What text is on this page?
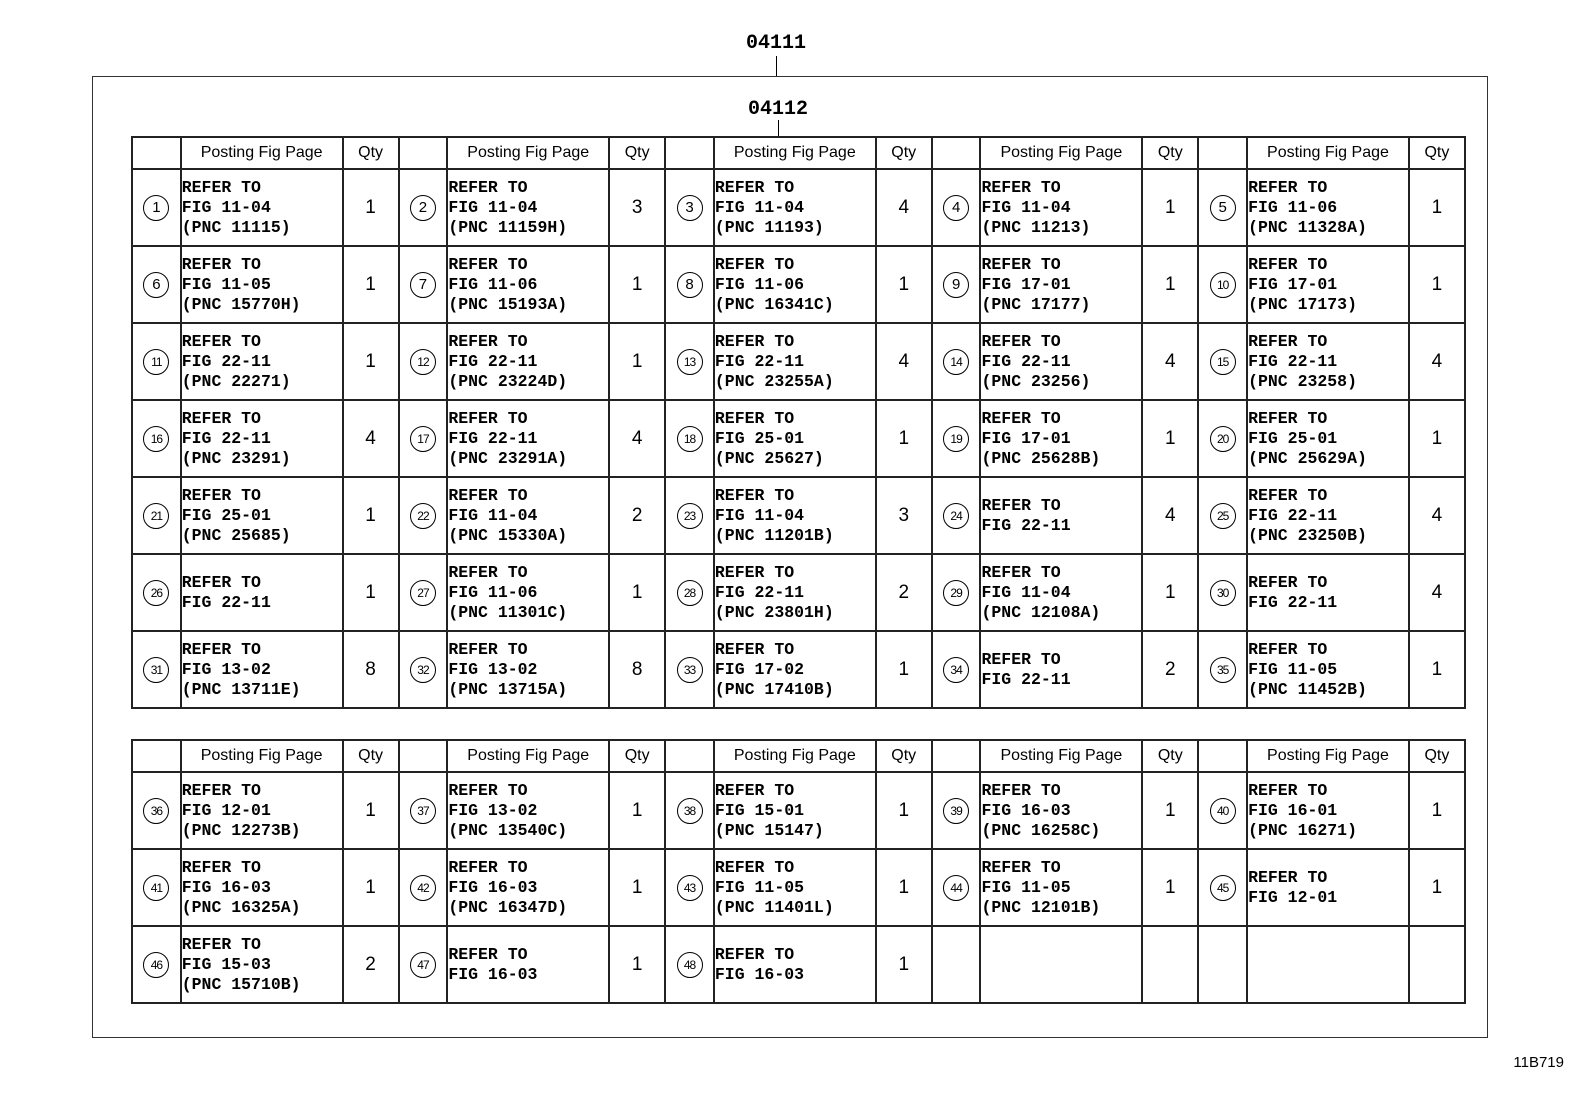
04111
04112
	Posting Fig Page	Qty		Posting Fig Page	Qty		Posting Fig Page	Qty		Posting Fig Page	Qty		Posting Fig Page	Qty
1	REFER TO
FIG 11-04
(PNC 11115)	1	2	REFER TO
FIG 11-04
(PNC 11159H)	3	3	REFER TO
FIG 11-04
(PNC 11193)	4	4	REFER TO
FIG 11-04
(PNC 11213)	1	5	REFER TO
FIG 11-06
(PNC 11328A)	1
6	REFER TO
FIG 11-05
(PNC 15770H)	1	7	REFER TO
FIG 11-06
(PNC 15193A)	1	8	REFER TO
FIG 11-06
(PNC 16341C)	1	9	REFER TO
FIG 17-01
(PNC 17177)	1	10	REFER TO
FIG 17-01
(PNC 17173)	1
11	REFER TO
FIG 22-11
(PNC 22271)	1	12	REFER TO
FIG 22-11
(PNC 23224D)	1	13	REFER TO
FIG 22-11
(PNC 23255A)	4	14	REFER TO
FIG 22-11
(PNC 23256)	4	15	REFER TO
FIG 22-11
(PNC 23258)	4
16	REFER TO
FIG 22-11
(PNC 23291)	4	17	REFER TO
FIG 22-11
(PNC 23291A)	4	18	REFER TO
FIG 25-01
(PNC 25627)	1	19	REFER TO
FIG 17-01
(PNC 25628B)	1	20	REFER TO
FIG 25-01
(PNC 25629A)	1
21	REFER TO
FIG 25-01
(PNC 25685)	1	22	REFER TO
FIG 11-04
(PNC 15330A)	2	23	REFER TO
FIG 11-04
(PNC 11201B)	3	24	REFER TO
FIG 22-11	4	25	REFER TO
FIG 22-11
(PNC 23250B)	4
26	REFER TO
FIG 22-11	1	27	REFER TO
FIG 11-06
(PNC 11301C)	1	28	REFER TO
FIG 22-11
(PNC 23801H)	2	29	REFER TO
FIG 11-04
(PNC 12108A)	1	30	REFER TO
FIG 22-11	4
31	REFER TO
FIG 13-02
(PNC 13711E)	8	32	REFER TO
FIG 13-02
(PNC 13715A)	8	33	REFER TO
FIG 17-02
(PNC 17410B)	1	34	REFER TO
FIG 22-11	2	35	REFER TO
FIG 11-05
(PNC 11452B)	1
	Posting Fig Page	Qty		Posting Fig Page	Qty		Posting Fig Page	Qty		Posting Fig Page	Qty		Posting Fig Page	Qty
36	REFER TO
FIG 12-01
(PNC 12273B)	1	37	REFER TO
FIG 13-02
(PNC 13540C)	1	38	REFER TO
FIG 15-01
(PNC 15147)	1	39	REFER TO
FIG 16-03
(PNC 16258C)	1	40	REFER TO
FIG 16-01
(PNC 16271)	1
41	REFER TO
FIG 16-03
(PNC 16325A)	1	42	REFER TO
FIG 16-03
(PNC 16347D)	1	43	REFER TO
FIG 11-05
(PNC 11401L)	1	44	REFER TO
FIG 11-05
(PNC 12101B)	1	45	REFER TO
FIG 12-01	1
46	REFER TO
FIG 15-03
(PNC 15710B)	2	47	REFER TO
FIG 16-03	1	48	REFER TO
FIG 16-03	1						
11B719
